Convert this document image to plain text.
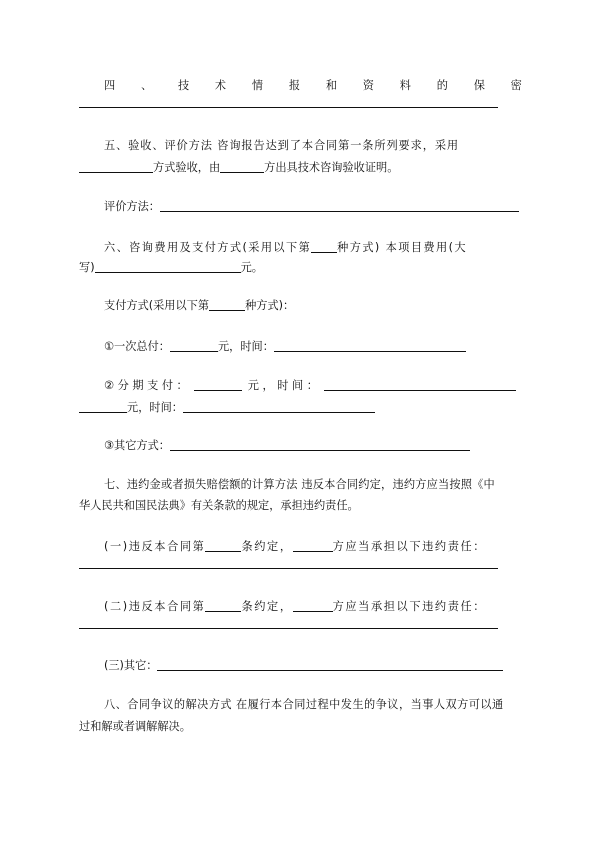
四 、 技 术 情 报 和 资 料 的 保 密
五、验收、评价方法 咨询报告达到了本合同第一条所列要求，采用
方式验收，由	方出具技术咨询验收证明。
评价方法：
六、咨询费用及支付方式(采用以下第 种方式) 本项目费用(大
写)	元。
支付方式(采用以下第	种方式)：
①一次总付：	元，时间：
② 分 期 支 付 ：	元 ， 时 间 ：
元，时间：
③其它方式：
七、违约金或者损失赔偿额的计算方法 违反本合同约定，违约方应当按照《中
华人民共和国民法典》有关条款的规定，承担违约责任。
(一)违反本合同第	条约定，	方应当承担以下违约责任：
(二)违反本合同第	条约定，	方应当承担以下违约责任：
(三)其它：
八、合同争议的解决方式 在履行本合同过程中发生的争议，当事人双方可以通
过和解或者调解解决。
